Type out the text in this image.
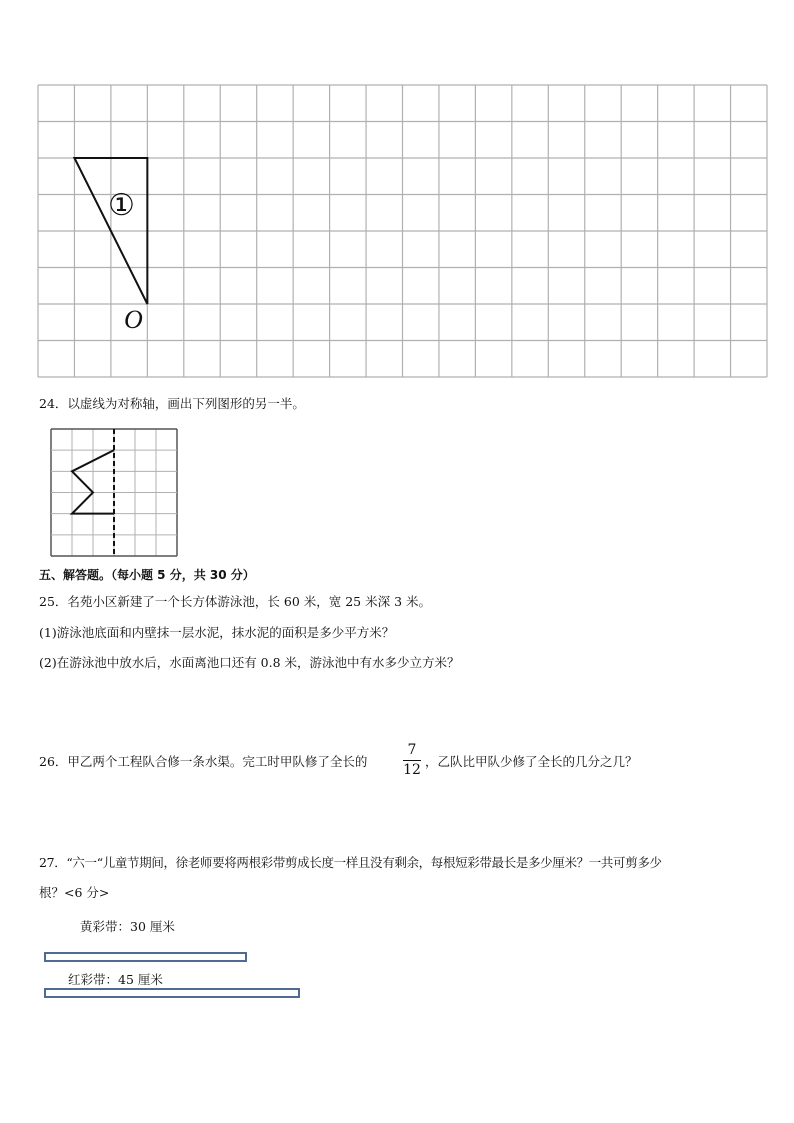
①
O
24．以虚线为对称轴，画出下列图形的另一半。
五、解答题。（每小题 5 分，共 30 分）
25．名苑小区新建了一个长方体游泳池，长 60 米，宽 25 米深 3 米。
(1)游泳池底面和内壁抹一层水泥，抹水泥的面积是多少平方米？
(2)在游泳池中放水后，水面离池口还有 0.8 米，游泳池中有水多少立方米？
26．甲乙两个工程队合修一条水渠。完工时甲队修了全长的
7
12
，乙队比甲队少修了全长的几分之几？
27．“六一“儿童节期间，徐老师要将两根彩带剪成长度一样且没有剩余，每根短彩带最长是多少厘米？一共可剪多少
根？<6 分>
黄彩带：30 厘米
红彩带：45 厘米
